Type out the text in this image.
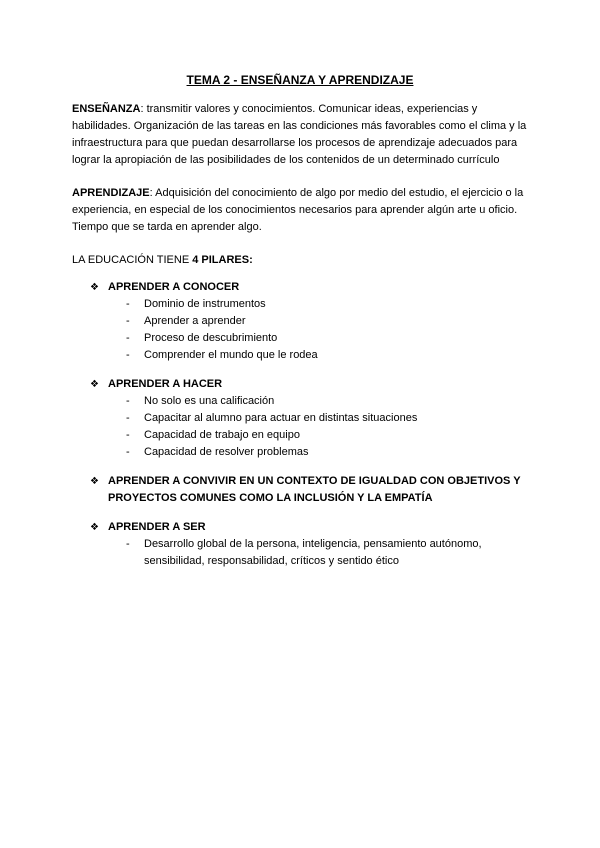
TEMA 2 - ENSEÑANZA Y APRENDIZAJE

ENSEÑANZA: transmitir valores y conocimientos. Comunicar ideas, experiencias y habilidades. Organización de las tareas en las condiciones más favorables como el clima y la infraestructura para que puedan desarrollarse los procesos de aprendizaje adecuados para lograr la apropiación de las posibilidades de los contenidos de un determinado currículo

APRENDIZAJE: Adquisición del conocimiento de algo por medio del estudio, el ejercicio o la experiencia, en especial de los conocimientos necesarios para aprender algún arte u oficio. Tiempo que se tarda en aprender algo.

LA EDUCACIÓN TIENE 4 PILARES:

❖ APRENDER A CONOCER
- Dominio de instrumentos
- Aprender a aprender
- Proceso de descubrimiento
- Comprender el mundo que le rodea
❖ APRENDER A HACER
- No solo es una calificación
- Capacitar al alumno para actuar en distintas situaciones
- Capacidad de trabajo en equipo
- Capacidad de resolver problemas
❖ APRENDER A CONVIVIR EN UN CONTEXTO DE IGUALDAD CON OBJETIVOS Y PROYECTOS COMUNES COMO LA INCLUSIÓN Y LA EMPATÍA
❖ APRENDER A SER
- Desarrollo global de la persona, inteligencia, pensamiento autónomo, sensibilidad, responsabilidad, críticos y sentido ético
